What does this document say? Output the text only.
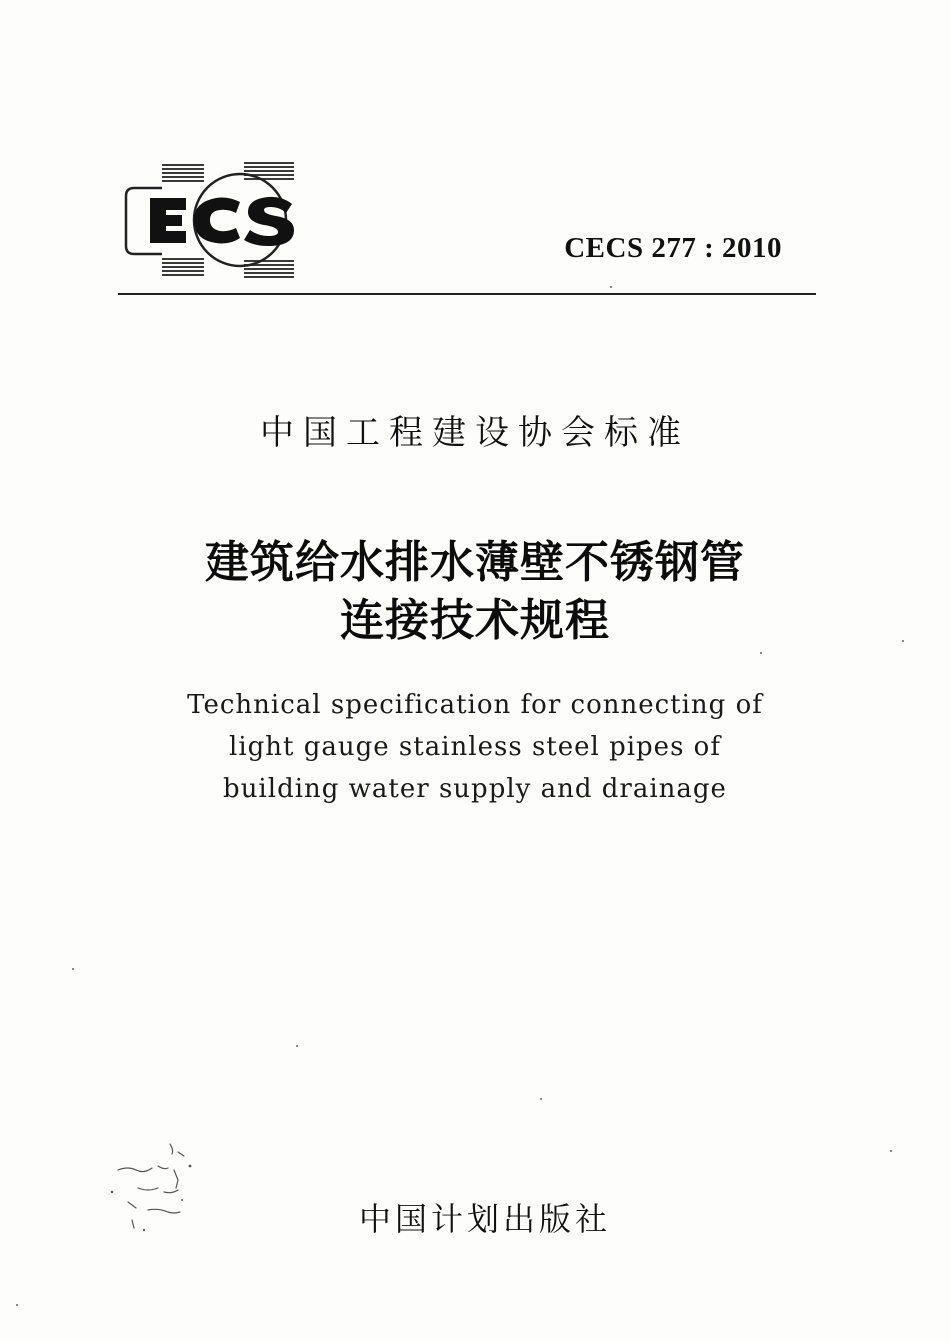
CECS 277 : 2010
中国工程建设协会标准
建筑给水排水薄壁不锈钢管
连接技术规程
Technical specification for connecting of
light gauge stainless steel pipes of
building water supply and drainage
中国计划出版社
